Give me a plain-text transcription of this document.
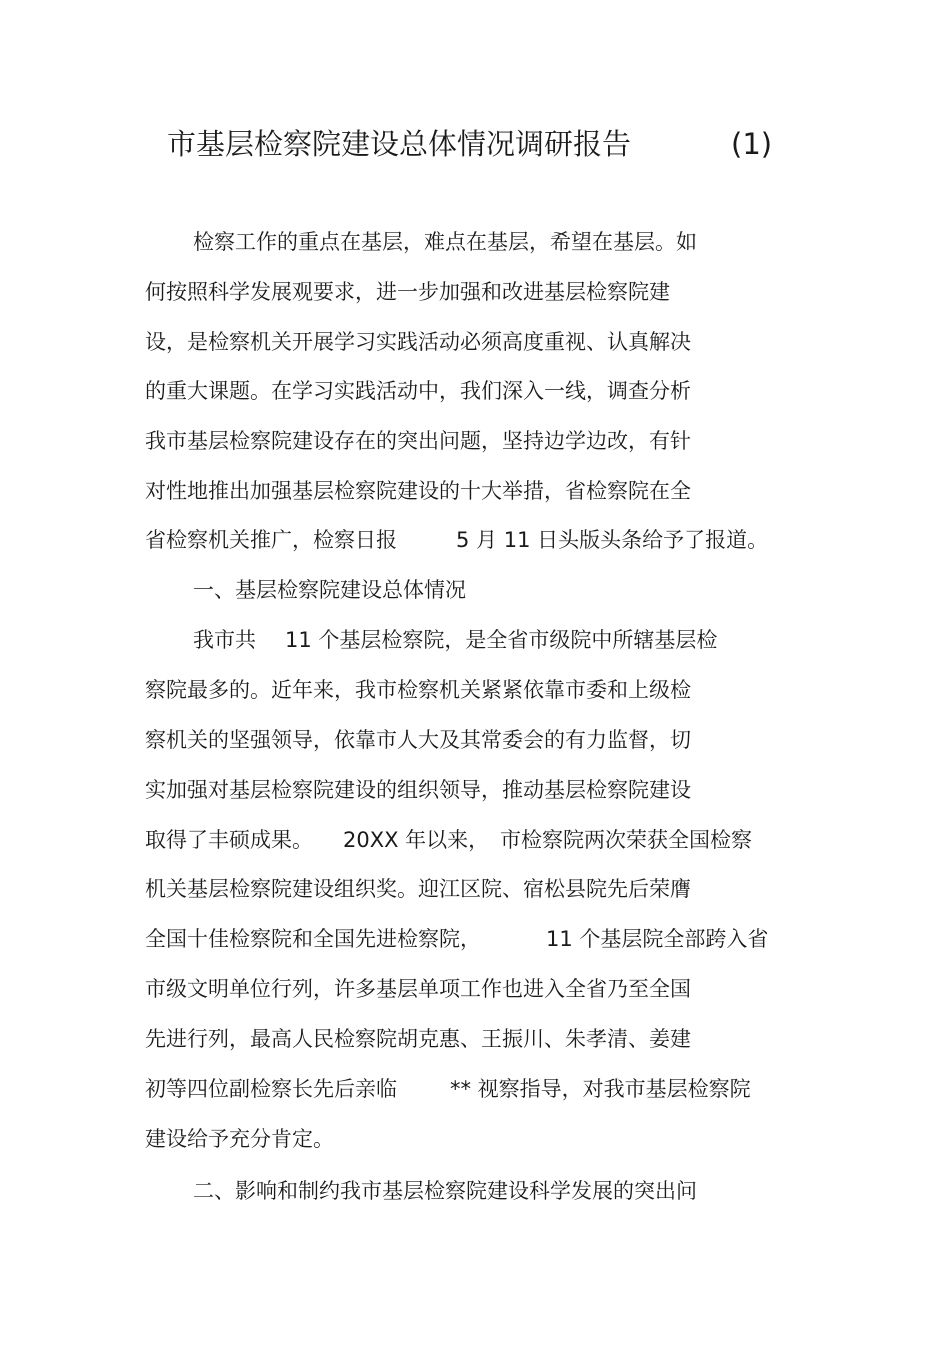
市基层检察院建设总体情况调研报告	(1)
检察工作的重点在基层，难点在基层，希望在基层。如
何按照科学发展观要求，进一步加强和改进基层检察院建
设，是检察机关开展学习实践活动必须高度重视、认真解决
的重大课题。在学习实践活动中，我们深入一线，调查分析
我市基层检察院建设存在的突出问题，坚持边学边改，有针
对性地推出加强基层检察院建设的十大举措，省检察院在全
省检察机关推广，检察日报	5 月 11 日头版头条给予了报道。
一、基层检察院建设总体情况
我市共 11 个基层检察院，是全省市级院中所辖基层检
察院最多的。近年来，我市检察机关紧紧依靠市委和上级检
察机关的坚强领导，依靠市人大及其常委会的有力监督，切
实加强对基层检察院建设的组织领导，推动基层检察院建设
取得了丰硕成果。 20XX 年以来， 市检察院两次荣获全国检察
机关基层检察院建设组织奖。迎江区院、宿松县院先后荣膺
全国十佳检察院和全国先进检察院，	11 个基层院全部跨入省
市级文明单位行列，许多基层单项工作也进入全省乃至全国
先进行列，最高人民检察院胡克惠、王振川、朱孝清、姜建
初等四位副检察长先后亲临	** 视察指导，对我市基层检察院
建设给予充分肯定。
二、影响和制约我市基层检察院建设科学发展的突出问
